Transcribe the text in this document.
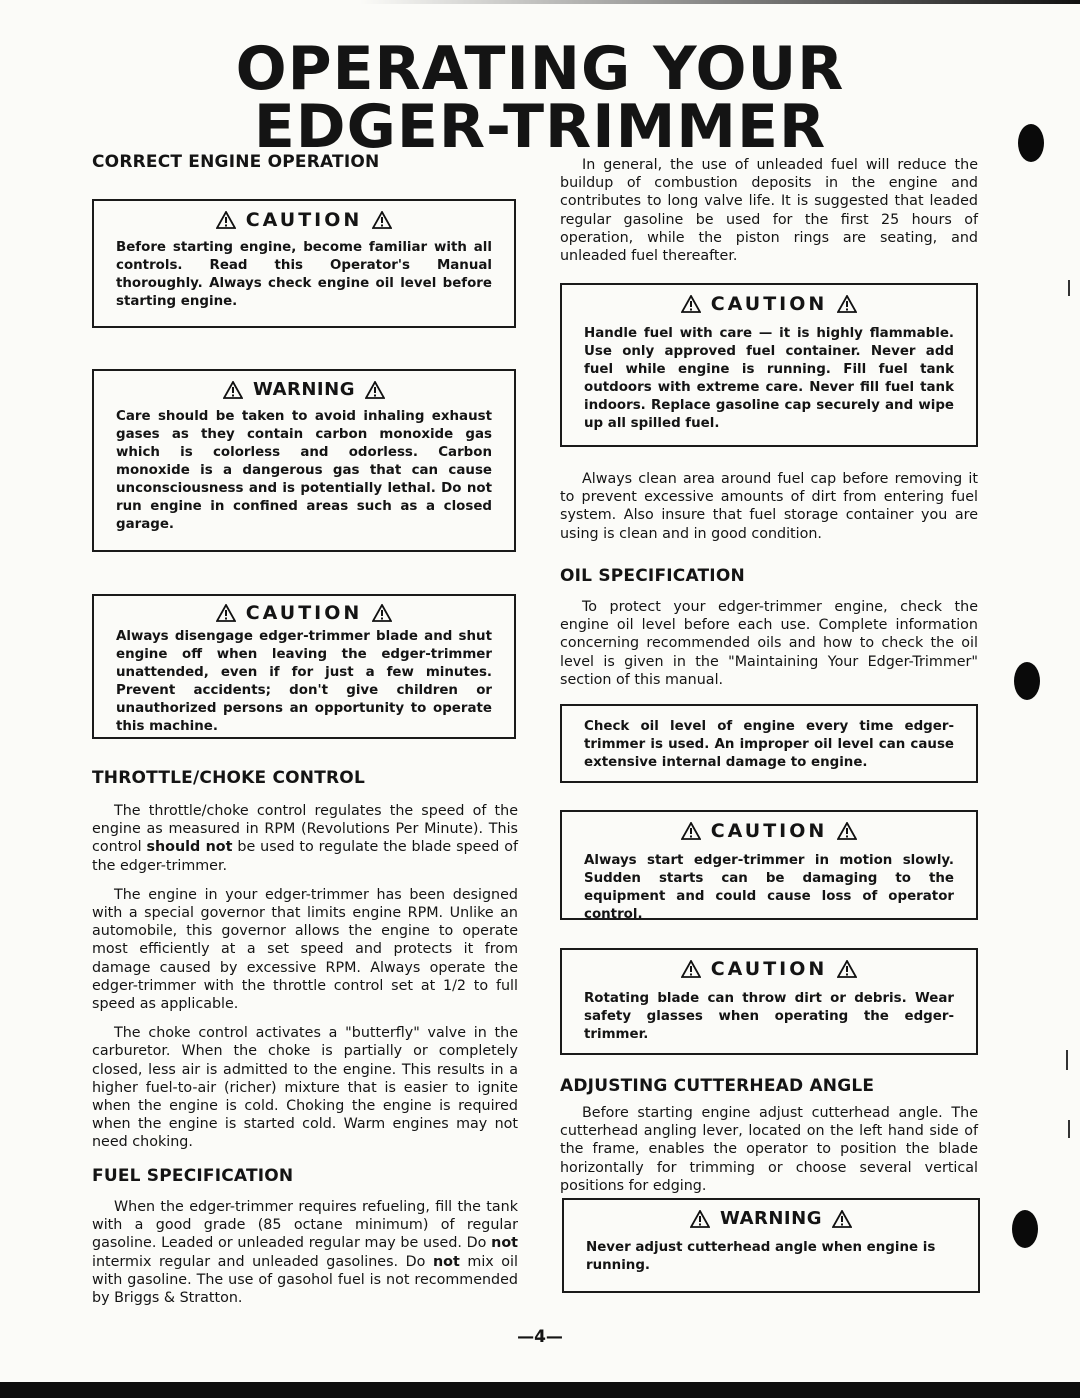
OPERATING YOUR
EDGER-TRIMMER
CORRECT ENGINE OPERATION
CAUTION
Before starting engine, become familiar with all controls. Read this Operator's Manual thoroughly. Always check engine oil level before starting engine.
WARNING
Care should be taken to avoid inhaling exhaust gases as they contain carbon monoxide gas which is colorless and odorless. Carbon monoxide is a dangerous gas that can cause unconsciousness and is potentially lethal. Do not run engine in confined areas such as a closed garage.
CAUTION
Always disengage edger-trimmer blade and shut engine off when leaving the edger-trimmer unattended, even if for just a few minutes. Prevent accidents; don't give children or unauthorized persons an opportunity to operate this machine.
THROTTLE/CHOKE CONTROL

The throttle/choke control regulates the speed of the engine as measured in RPM (Revolutions Per Minute). This control should not be used to regulate the blade speed of the edger-trimmer.

The engine in your edger-trimmer has been designed with a special governor that limits engine RPM. Unlike an automobile, this governor allows the engine to operate most efficiently at a set speed and protects it from damage caused by excessive RPM. Always operate the edger-trimmer with the throttle control set at 1/2 to full speed as applicable.

The choke control activates a "butterfly" valve in the carburetor. When the choke is partially or completely closed, less air is admitted to the engine. This results in a higher fuel-to-air (richer) mixture that is easier to ignite when the engine is cold. Choking the engine is required when the engine is started cold. Warm engines may not need choking.

FUEL SPECIFICATION

When the edger-trimmer requires refueling, fill the tank with a good grade (85 octane minimum) of regular gasoline. Leaded or unleaded regular may be used. Do not intermix regular and unleaded gasolines. Do not mix oil with gasoline. The use of gasohol fuel is not recommended by Briggs & Stratton.

In general, the use of unleaded fuel will reduce the buildup of combustion deposits in the engine and contributes to long valve life. It is suggested that leaded regular gasoline be used for the first 25 hours of operation, while the piston rings are seating, and unleaded fuel thereafter.

CAUTION
Handle fuel with care — it is highly flammable. Use only approved fuel container. Never add fuel while engine is running. Fill fuel tank outdoors with extreme care. Never fill fuel tank indoors. Replace gasoline cap securely and wipe up all spilled fuel.

Always clean area around fuel cap before removing it to prevent excessive amounts of dirt from entering fuel system. Also insure that fuel storage container you are using is clean and in good condition.

OIL SPECIFICATION

To protect your edger-trimmer engine, check the engine oil level before each use. Complete information concerning recommended oils and how to check the oil level is given in the "Maintaining Your Edger-Trimmer" section of this manual.

Check oil level of engine every time edger-trimmer is used. An improper oil level can cause extensive internal damage to engine.
CAUTION
Always start edger-trimmer in motion slowly. Sudden starts can be damaging to the equipment and could cause loss of operator control.
CAUTION
Rotating blade can throw dirt or debris. Wear safety glasses when operating the edger-trimmer.
ADJUSTING CUTTERHEAD ANGLE

Before starting engine adjust cutterhead angle. The cutterhead angling lever, located on the left hand side of the frame, enables the operator to position the blade horizontally for trimming or choose several vertical positions for edging.

WARNING
Never adjust cutterhead angle when engine is running.
—4—
